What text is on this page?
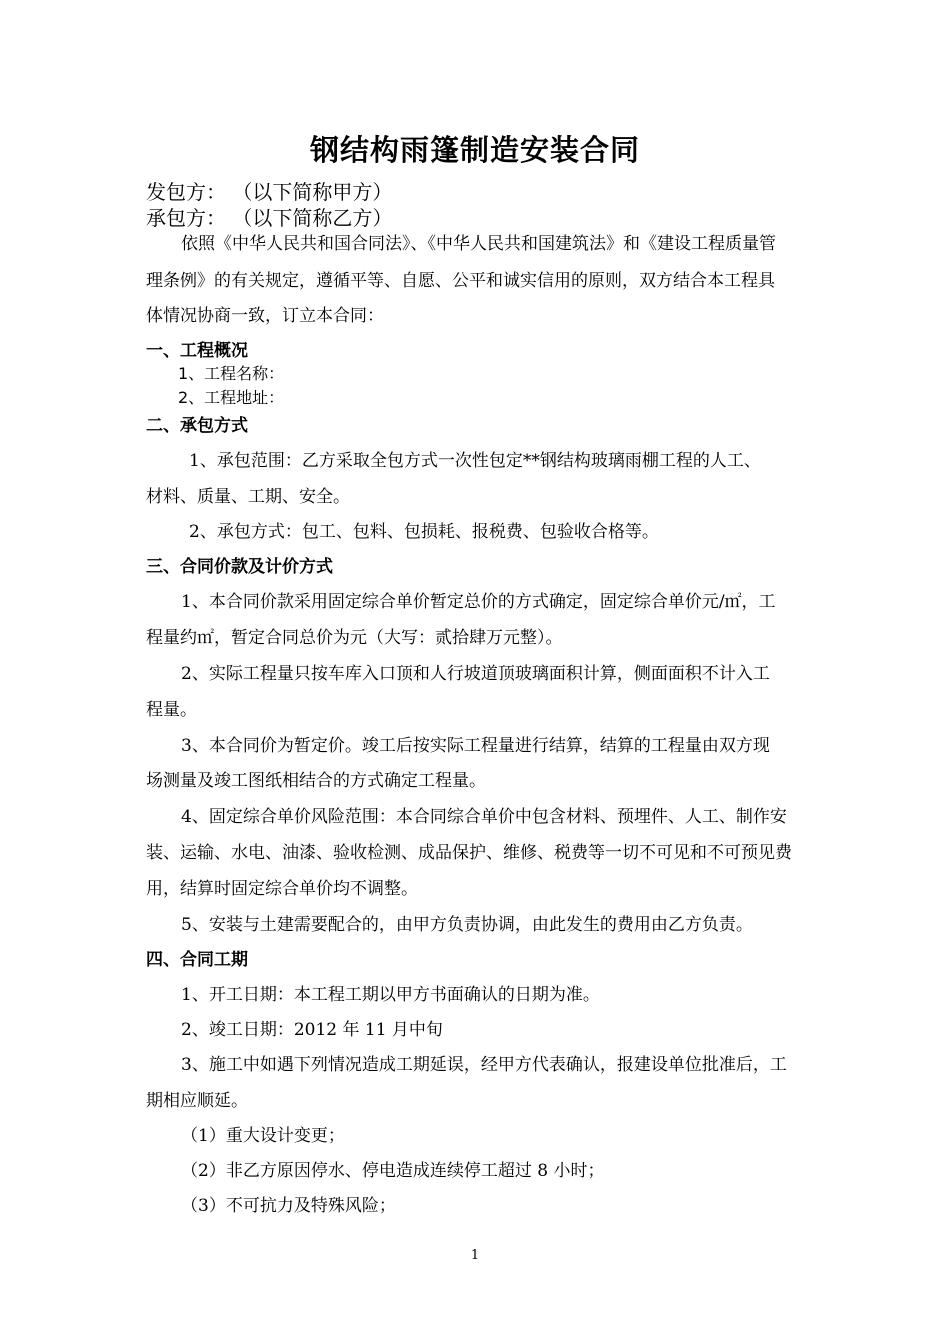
钢结构雨篷制造安装合同
发包方： （以下简称甲方）
承包方： （以下简称乙方）
依照《中华人民共和国合同法》、《中华人民共和国建筑法》和《建设工程质量管
理条例》的有关规定，遵循平等、自愿、公平和诚实信用的原则，双方结合本工程具
体情况协商一致，订立本合同：
一、工程概况
1、工程名称：
2、工程地址：
二、承包方式
1、承包范围：乙方采取全包方式一次性包定**钢结构玻璃雨棚工程的人工、
材料、质量、工期、安全。
2、承包方式：包工、包料、包损耗、报税费、包验收合格等。
三、合同价款及计价方式
1、本合同价款采用固定综合单价暂定总价的方式确定，固定综合单价元/㎡，工
程量约㎡，暂定合同总价为元（大写：贰拾肆万元整）。
2、实际工程量只按车库入口顶和人行坡道顶玻璃面积计算，侧面面积不计入工
程量。
3、本合同价为暂定价。竣工后按实际工程量进行结算，结算的工程量由双方现
场测量及竣工图纸相结合的方式确定工程量。
4、固定综合单价风险范围：本合同综合单价中包含材料、预埋件、人工、制作安
装、运输、水电、油漆、验收检测、成品保护、维修、税费等一切不可见和不可预见费
用，结算时固定综合单价均不调整。
5、安装与土建需要配合的，由甲方负责协调，由此发生的费用由乙方负责。
四、合同工期
1、开工日期：本工程工期以甲方书面确认的日期为准。
2、竣工日期：2012 年 11 月中旬
3、施工中如遇下列情况造成工期延误，经甲方代表确认，报建设单位批准后，工
期相应顺延。
（1）重大设计变更；
（2）非乙方原因停水、停电造成连续停工超过 8 小时；
（3）不可抗力及特殊风险；
1
